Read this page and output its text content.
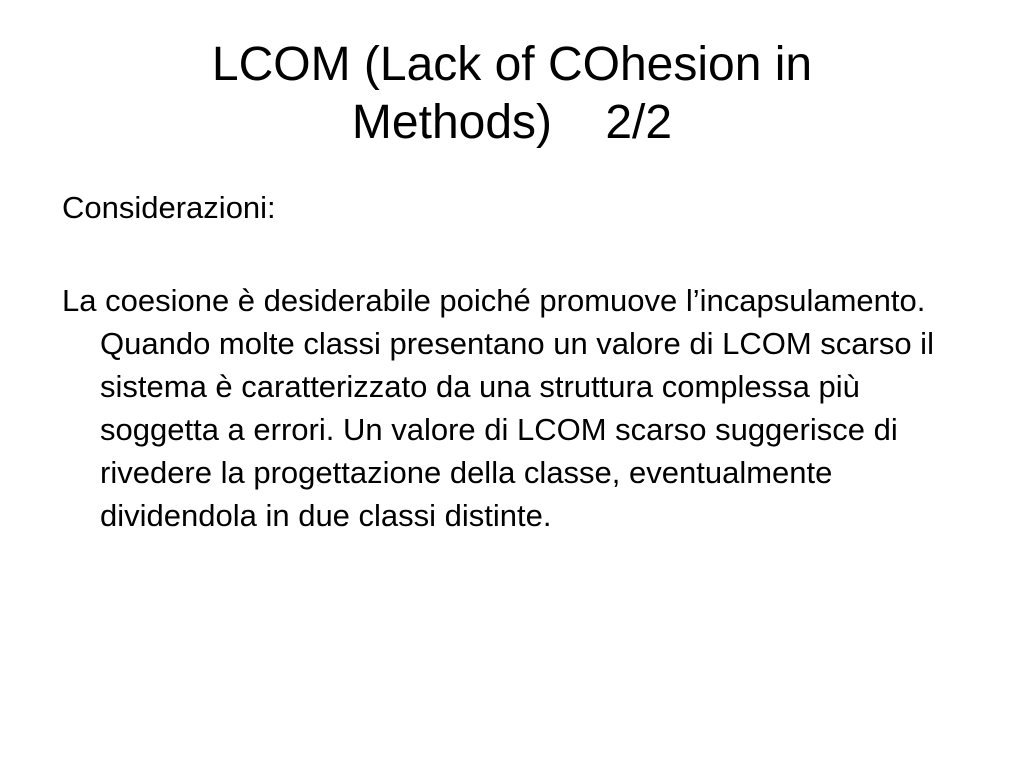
LCOM (Lack of COhesion in
Methods)    2/2

Considerazioni:

La coesione è desiderabile poiché promuove l’incapsulamento. Quando molte classi presentano un valore di LCOM scarso il sistema è caratterizzato da una struttura complessa più soggetta a errori. Un valore di LCOM scarso suggerisce di rivedere la progettazione della classe, eventualmente dividendola in due classi distinte.
